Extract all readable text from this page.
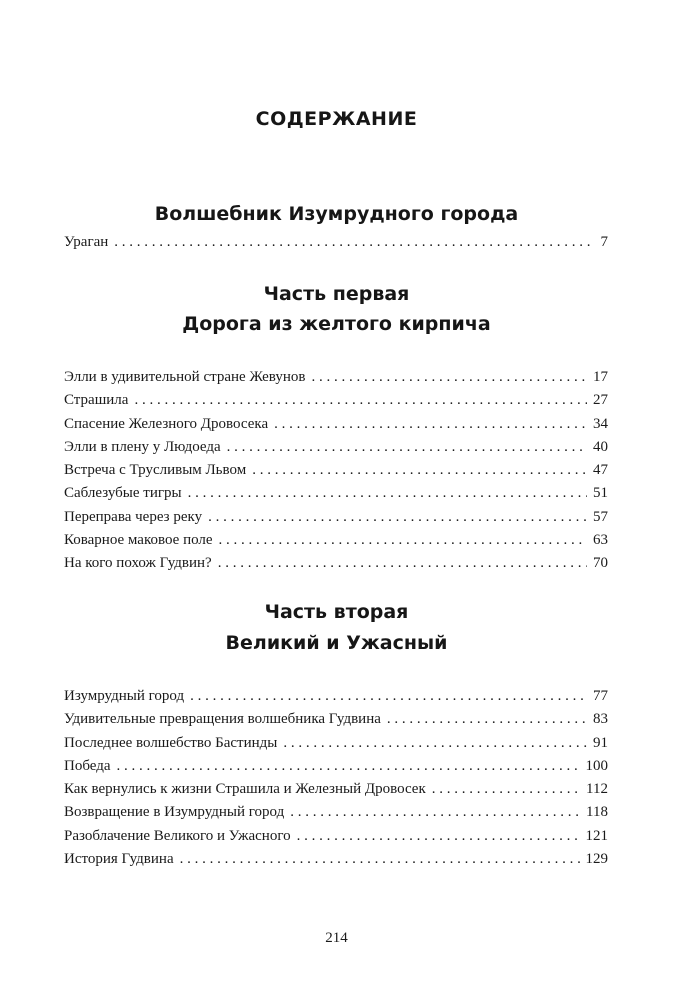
СОДЕРЖАНИЕ
Волшебник Изумрудного города
Ураган . . .	7
Часть первая
Дорога из желтого кирпича
Элли в удивительной стране Жевунов . . .	17
Страшила . . .	27
Спасение Железного Дровосека . . .	34
Элли в плену у Людоеда . . .	40
Встреча с Трусливым Львом . . .	47
Саблезубые тигры . . .	51
Переправа через реку . . .	57
Коварное маковое поле . . .	63
На кого похож Гудвин? . . .	70
Часть вторая
Великий и Ужасный
Изумрудный город . . .	77
Удивительные превращения волшебника Гудвина . . .	83
Последнее волшебство Бастинды . . .	91
Победа . . .	100
Как вернулись к жизни Страшила и Железный Дровосек . . .	112
Возвращение в Изумрудный город . . .	118
Разоблачение Великого и Ужасного . . .	121
История Гудвина . . .	129
214
